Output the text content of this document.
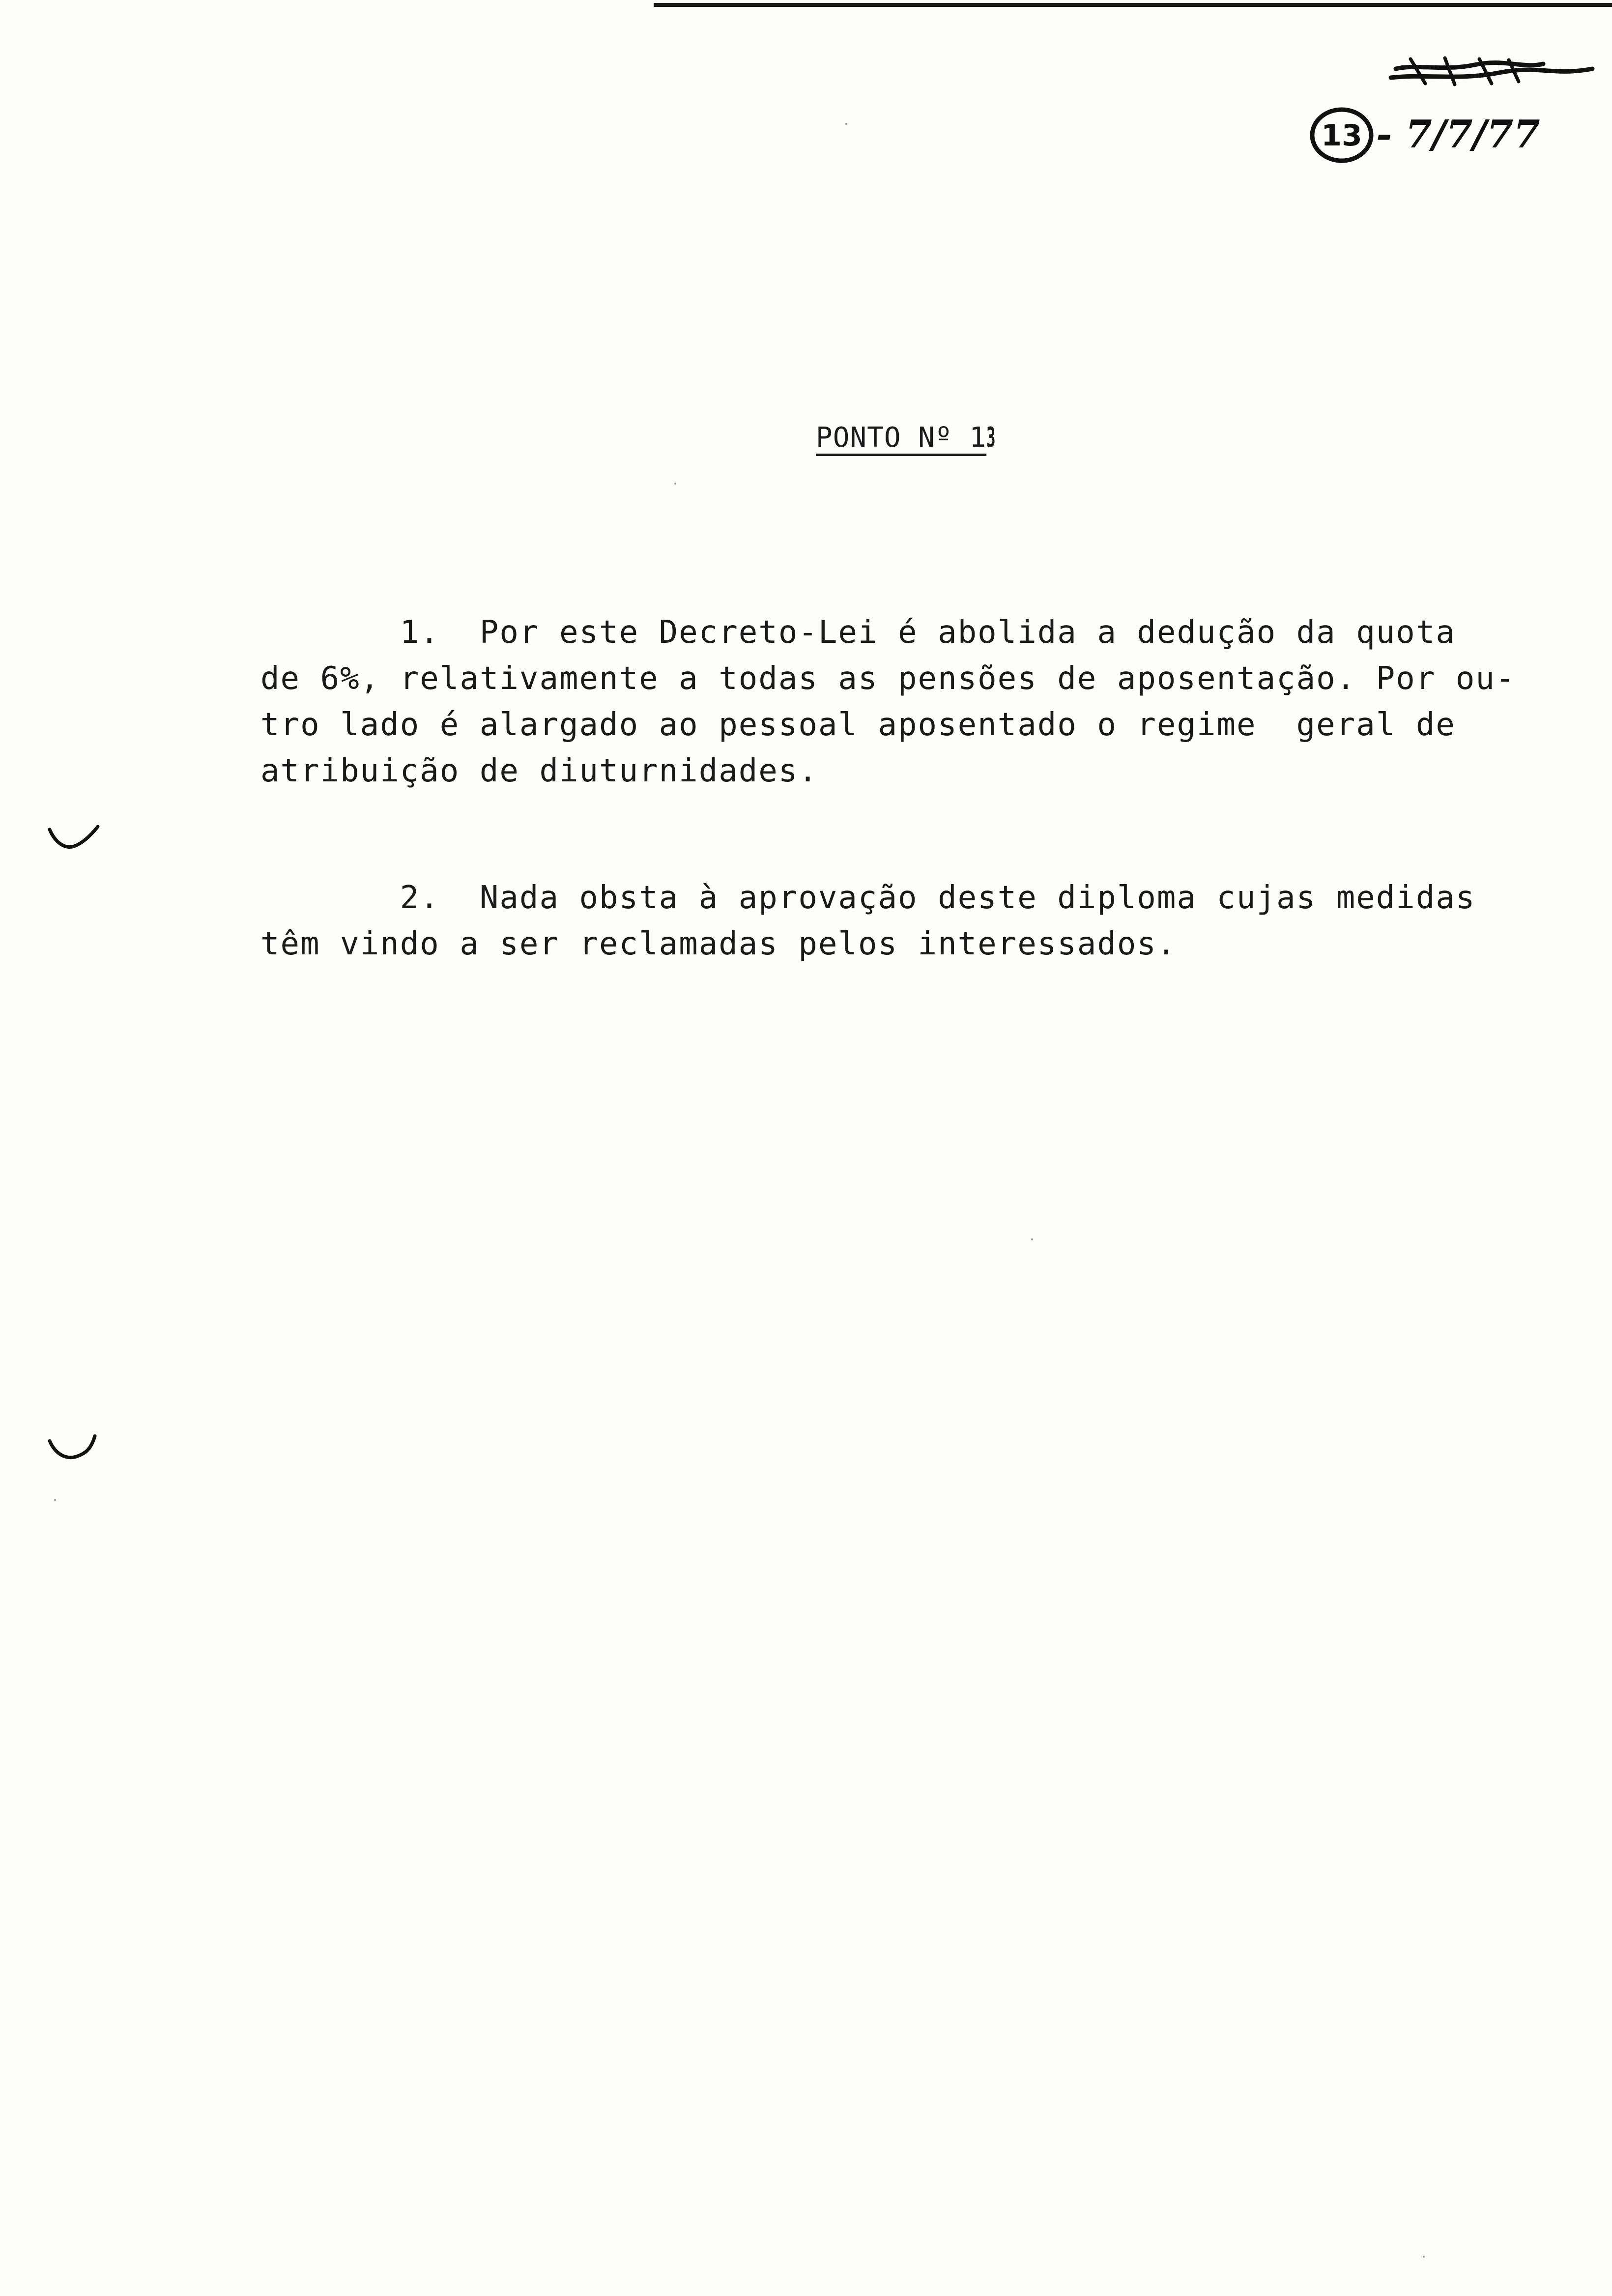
13 - 7/7/77
PONTO Nº 13
1.  Por este Decreto-Lei é abolida a dedução da quota
de 6%, relativamente a todas as pensões de aposentação. Por ou-
tro lado é alargado ao pessoal aposentado o regime  geral de
atribuição de diuturnidades.
2.  Nada obsta à aprovação deste diploma cujas medidas
têm vindo a ser reclamadas pelos interessados.
